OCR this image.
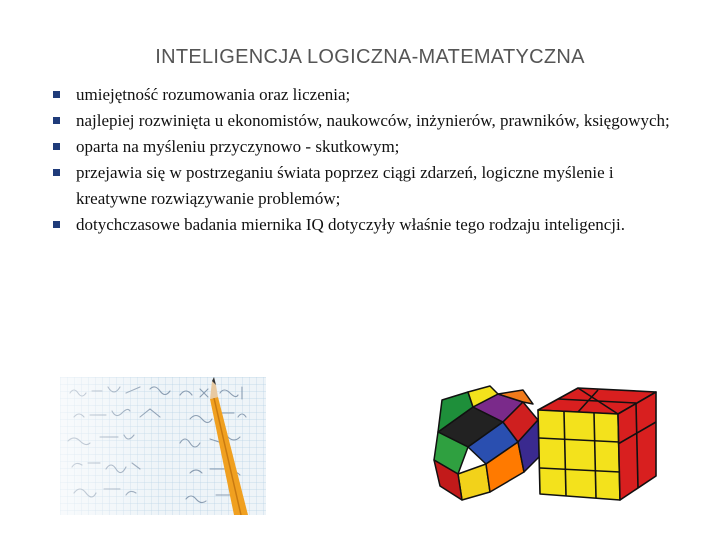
INTELIGENCJA LOGICZNA-MATEMATYCZNA
umiejętność rozumowania oraz liczenia;
najlepiej rozwinięta u ekonomistów, naukowców, inżynierów, prawników, księgowych;
oparta na myśleniu przyczynowo - skutkowym;
przejawia się w postrzeganiu świata poprzez ciągi zdarzeń, logiczne myślenie i kreatywne rozwiązywanie problemów;
dotychczasowe badania miernika IQ dotyczyły właśnie tego rodzaju inteligencji.
